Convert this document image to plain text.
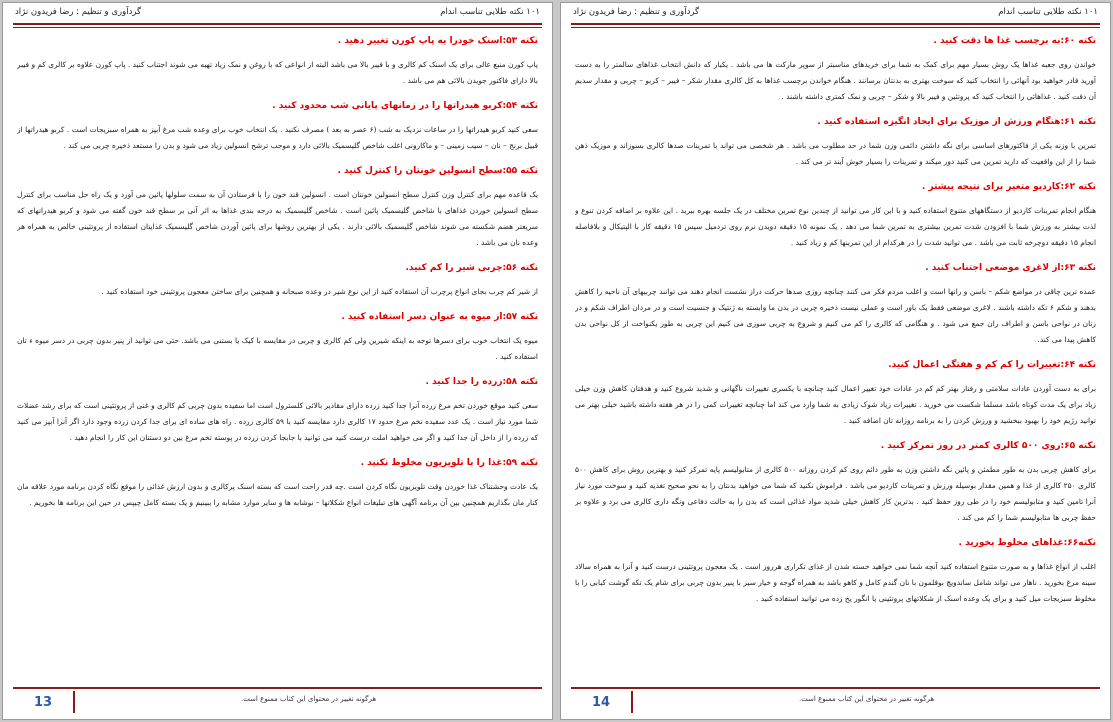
۱۰۱ نکته طلایی تناسب اندام
گردآوری و تنظیم : رضا فریدون نژاد
نکته ۵۳:اسنک خودرا به پاپ کورن تغییر دهید .
پاپ کورن منبع عالی برای یک اسنک کم کالری و با فیبر بالا می باشد البته از انواعی که با روغن و نمک زیاد تهیه می شوند اجتناب کنید . پاپ کورن علاوه بر کالری کم و فیبر بالا دارای فاکتور جویدن بالائی هم می باشد .
نکته ۵۴:کربو هیدراتها را در زمانهای پایانی شب محدود کنید .
سعی کنید کربو هیدراتها را در ساعات نزدیک به شب (۶ عصر به بعد ) مصرف نکنید . یک انتخاب خوب برای وعده شب مرغ آبپز به همراه سبزیجات است . کربو هیدراتها از قبیل برنج – نان – سیب زمینی – و ماکارونی اغلب شاخص گلیسمیک بالائی دارد و موجب ترشح انسولین زیاد می شود و بدن را مستعد ذخیره چربی می کند .
نکته ۵۵:سطح انسولین خونتان را کنترل کنید .
یک قاعده مهم برای کنترل وزن کنترل سطح انسولین خونتان است . انسولین قند خون را با فرستادن آن به سمت سلولها پائین می آورد و یک راه حل مناسب برای کنترل سطح انسولین خوردن غذاهای با شاخص گلیسمیک پائین است . شاخص گلیسمیک به درجه بندی غذاها به اثر آنی بر سطح قند خون گفته می شود و کربو هیدراتهای که سریعتر هضم شکسته می شوند شاخص گلیسمیک بالائی دارند . یکی از بهترین روشها برای پائین آوردن شاخص گلیسمیک غذایتان استفاده از پروتئینی خالص به همراه هر وعده نان می باشد .
نکته ۵۶:چربی شیر را کم کنید.
از شیر کم چرب بجای انواع پرچرب آن استفاده کنید از این نوع شیر در وعده صبحانه و همچنین برای ساختن معجون پروتئینی خود استفاده کنید .
نکته ۵۷:از میوه به عنوان دسر استفاده کنید .
میوه یک انتخاب خوب برای دسرها توجه به اینکه شیرین ولی کم کالری و چربی در مقایسه با کیک یا بستنی می باشد. حتی می توانید از پنیر بدون چربی در دسر میوه ء تان استفاده کنید .
نکته ۵۸:زرده را جدا کنید .
سعی کنید موقع خوردن تخم مرغ زرده آنرا جدا کنید زرده دارای مقادیر بالائی کلسترول است اما سفیده بدون چربی کم کالری و غنی از پروتئینی است که برای رشد عضلات شما مورد نیاز است . یک عدد سفیده تخم مرغ حدود ۱۷ کالری دارد مقایسه کنید با ۵۹ کالری زرده . راه های ساده ای برای جدا کردن زرده وجود دارد اگر آنرا آبپز می کنید که زرده را از داخل آن جدا کنید و اگر می خواهید املت درست کنید می توانید با جابجا کردن زرده در پوسته تخم مرغ بین دو دستتان این کار را انجام دهید .
نکته ۵۹:غذا را با تلویزیون مخلوط نکنید .
یک عادت وحشتناک غذا خوردن وقت تلویزیون نگاه کردن است .چه قدر راحت است که بسته اسنک پرکالری و بدون ارزش غذائی را موقع نگاه کردن برنامه مورد علاقه مان کنار مان بگذاریم همچنین بین آن برنامه آگهی های تبلیغات انواع شکلاتها – نوشابه ها و سایر موارد مشابه را ببینیم و یک بسته کامل چیپس در حین این برنامه ها بخوریم .
13	هرگونه تغییر در محتوای این کتاب ممنوع است.
۱۰۱ نکته طلایی تناسب اندام
گردآوری و تنظیم : رضا فریدون نژاد
نکته ۶۰:به برچسب غذا ها دقت کنید .
خواندن روی جعبه غذاها یک روش بسیار مهم برای کمک به شما برای خریدهای مناسبتر از سوپر مارکت ها می باشد . یکبار که دانش انتخاب غذاهای سالمتر را به دست آورید قادر خواهید بود آنهائی را انتخاب کنید که سوخت بهتری به بدنتان برسانند . هنگام خواندن برچسب غذاها به کل کالری مقدار شکر – فیبر – کربو – چربی و مقدار سدیم آن دقت کنید . غذاهائی را انتخاب کنید که پروتئین و فیبر بالا و شکر – چربی و نمک کمتری داشته باشند .
نکته ۶۱:هنگام ورزش از موزیک برای ایجاد انگیزه استفاده کنید .
تمرین با وزنه یکی از فاکتورهای اساسی برای نگه داشتن دائمی وزن شما در حد مطلوب می باشد . هر شخصی می تواند با تمرینات صدها کالری بسوزاند و موزیک ذهن شما را از این واقعیت که دارید تمرین می کنید دور میکند و تمرینات را بسیار خوش آیند تر می کند .
نکته ۶۲:کاردیو متغیر برای نتیجه بیشتر .
هنگام انجام تمرینات کاردیو از دستگاههای متنوع استفاده کنید و با این کار می توانید از چندین نوع تمرین مختلف در یک جلسه بهره ببرید . این علاوه بر اضافه کردن تنوع و لذت بیشتر به ورزش شما با افزودن شدت تمرین بیشتری به تمرین شما می دهد . یک نمونه ۱۵ دقیقه دویدن نرم روی تردمیل سپس ۱۵ دقیقه کار با الپتیکال و بلافاصله انجام ۱۵ دقیقه دوچرخه ثابت می باشد . می توانید شدت را در هرکدام از این تمرینها کم و زیاد کنید .
نکته ۶۳:از لاغری موضعی اجتناب کنید .
عمده ترین چاقی در مواضع شکم – باسن و رانها است و اغلب مردم فکر می کنند چنانچه روزی صدها حرکت دراز نشست انجام دهند می توانند چربیهای آن ناحیه را کاهش بدهند و شکم ۶ تکه داشته باشند . لاغری موضعی فقط یک باور است و عملی نیست ذخیره چربی در بدن ما وابسته به ژنتیک و جنسیت است و در مردان اطراف شکم و در زنان در نواحی باسن و اطراف ران جمع می شود . و هنگامی که کالری را کم می کنیم و شروع به چربی سوزی می کنیم این چربی به طور یکنواخت از کل نواحی بدن کاهش پیدا می کند.
نکته ۶۴:تغییرات را کم کم و هفتگی اعمال کنید.
برای به دست آوردن عادات سلامتی و رفتار بهتر کم کم در عادات خود تغییر اعمال کنید چنانچه با یکسری تغییرات ناگهانی و شدید شروع کنید و هدفتان کاهش وزن خیلی زیاد برای یک مدت کوتاه باشد مسلما شکست می خورید . تغییرات زیاد شوک زیادی به شما وارد می کند اما چنانچه تغییرات کمی را در هر هفته داشته باشید خیلی بهتر می توانید رژیم خود را بهبود ببخشید و ورزش کردن را به برنامه روزانه تان اضافه کنید .
نکته ۶۵:روی ۵۰۰ کالری کمتر در روز تمرکز کنید .
برای کاهش چربی بدن به طور مطمئن و پائین نگه داشتن وزن به طور دائم روی کم کردن روزانه ۵۰۰ کالری از متابولیسم پایه تمرکز کنید و بهترین روش برای کاهش ۵۰۰ کالری ۲۵۰ کالری از غذا و همین مقدار بوسیله ورزش و تمرینات کاردیو می باشد . فراموش نکنید که شما می خواهید بدنتان را به نحو صحیح تغذیه کنید و سوخت مورد نیاز آنرا تامین کنید و متابولیسم خود را در طی روز حفظ کنید . بدترین کار کاهش خیلی شدید مواد غذائی است که بدن را به حالت دفاعی ونگه داری کالری می برد و علاوه بر حفظ چربی ها متابولیسم شما را کم می کند .
نکته۶۶:غذاهای مخلوط بخورید .
اغلب از انواع غذاها و به صورت متنوع استفاده کنید آنچه شما نمی خواهید خسته شدن از غذای تکراری هرروز است . یک معجون پروتئینی درست کنید و آنرا به همراه سالاد سینه مرغ بخورید . ناهار می تواند شامل ساندویچ بوقلمون با نان گندم کامل و کاهو باشد به همراه گوجه و خیار سبز با پنیر بدون چربی برای شام یک تکه گوشت کبابی را با مخلوط سبزیجات میل کنید و برای یک وعده اسنک از شکلاتهای پروتئینی یا انگور یخ زده می توانید استفاده کنید .
14	هرگونه تغییر در محتوای این کتاب ممنوع است.
